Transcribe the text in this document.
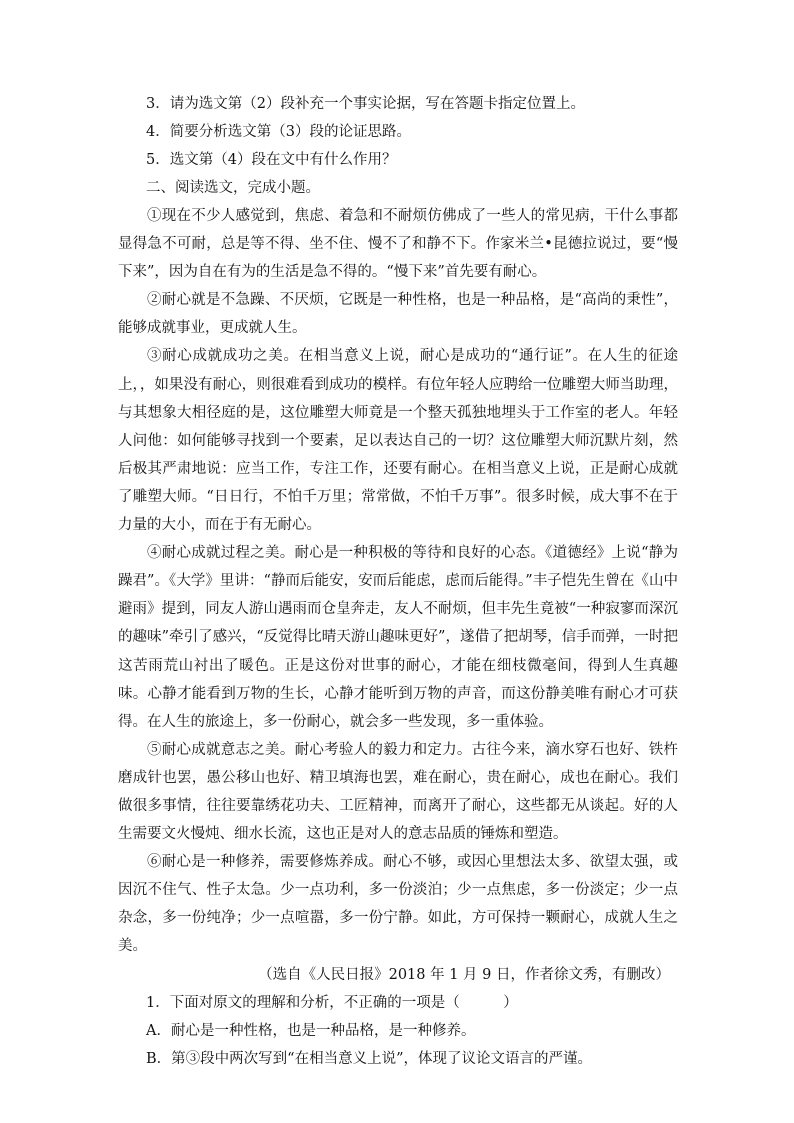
3．请为选文第（2）段补充一个事实论据，写在答题卡指定位置上。

4．简要分析选文第（3）段的论证思路。

5．选文第（4）段在文中有什么作用？

二、阅读选文，完成小题。

①现在不少人感觉到，焦虑、着急和不耐烦仿佛成了一些人的常见病，干什么事都显得急不可耐，总是等不得、坐不住、慢不了和静不下。作家米兰•昆德拉说过，要“慢下来”，因为自在有为的生活是急不得的。“慢下来”首先要有耐心。

②耐心就是不急躁、不厌烦，它既是一种性格，也是一种品格，是“高尚的秉性”，能够成就事业，更成就人生。

③耐心成就成功之美。在相当意义上说，耐心是成功的“通行证”。在人生的征途上，，如果没有耐心，则很难看到成功的模样。有位年轻人应聘给一位雕塑大师当助理，与其想象大相径庭的是，这位雕塑大师竟是一个整天孤独地埋头于工作室的老人。年轻人问他：如何能够寻找到一个要素，足以表达自己的一切？这位雕塑大师沉默片刻，然后极其严肃地说：应当工作，专注工作，还要有耐心。在相当意义上说，正是耐心成就了雕塑大师。“日日行，不怕千万里；常常做，不怕千万事”。很多时候，成大事不在于力量的大小，而在于有无耐心。

④耐心成就过程之美。耐心是一种积极的等待和良好的心态。《道德经》上说“静为躁君”。《大学》里讲：“静而后能安，安而后能虑，虑而后能得。”丰子恺先生曾在《山中避雨》提到，同友人游山遇雨而仓皇奔走，友人不耐烦，但丰先生竟被“一种寂寥而深沉的趣味”牵引了感兴，“反觉得比晴天游山趣味更好”，遂借了把胡琴，信手而弹，一时把这苦雨荒山衬出了暖色。正是这份对世事的耐心，才能在细枝微毫间，得到人生真趣味。心静才能看到万物的生长，心静才能听到万物的声音，而这份静美唯有耐心才可获得。在人生的旅途上，多一份耐心，就会多一些发现，多一重体验。

⑤耐心成就意志之美。耐心考验人的毅力和定力。古往今来，滴水穿石也好、铁杵磨成针也罢，愚公移山也好、精卫填海也罢，难在耐心，贵在耐心，成也在耐心。我们做很多事情，往往要靠绣花功夫、工匠精神，而离开了耐心，这些都无从谈起。好的人生需要文火慢炖、细水长流，这也正是对人的意志品质的锤炼和塑造。

⑥耐心是一种修养，需要修炼养成。耐心不够，或因心里想法太多、欲望太强，或因沉不住气、性子太急。少一点功利，多一份淡泊；少一点焦虑，多一份淡定；少一点杂念，多一份纯净；少一点喧嚣，多一份宁静。如此，方可保持一颗耐心，成就人生之美。

（选自《人民日报》2018 年 1 月 9 日，作者徐文秀，有删改）

1．下面对原文的理解和分析，不正确的一项是（　　　）

A．耐心是一种性格，也是一种品格，是一种修养。

B．第③段中两次写到“在相当意义上说”，体现了议论文语言的严谨。
